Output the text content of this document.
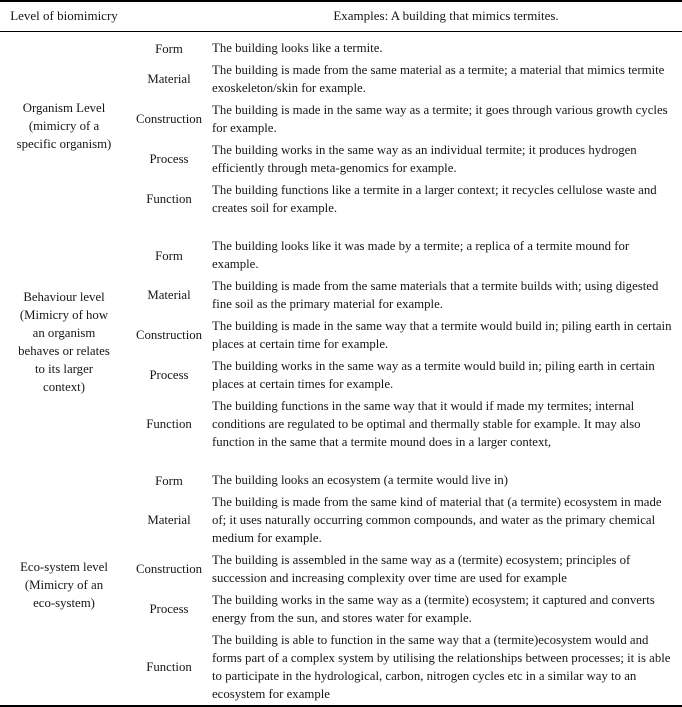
Level of biomimicry		Examples: A building that mimics termites.

Organism Level
(mimicry of a specific organism)	Form	The building looks like a termite.
	Material	The building is made from the same material as a termite; a material that mimics termite exoskeleton/skin for example.
	Construction	The building is made in the same way as a termite; it goes through various growth cycles for example.
	Process	The building works in the same way as an individual termite; it produces hydrogen efficiently through meta-genomics for example.
	Function	The building functions like a termite in a larger context; it recycles cellulose waste and creates soil for example.

Behaviour level
(Mimicry of how an organism behaves or relates to its larger context)	Form	The building looks like it was made by a termite; a replica of a termite mound for example.
	Material	The building is made from the same materials that a termite builds with; using digested fine soil as the primary material for example.
	Construction	The building is made in the same way that a termite would build in; piling earth in certain places at certain time for example.
	Process	The building works in the same way as a termite would build in; piling earth in certain places at certain times for example.
	Function	The building functions in the same way that it would if made my termites; internal conditions are regulated to be optimal and thermally stable for example. It may also function in the same that a termite mound does in a larger context,

Eco-system level
(Mimicry of an eco-system)	Form	The building looks an ecosystem (a termite would live in)
	Material	The building is made from the same kind of material that (a termite) ecosystem in made of; it uses naturally occurring common compounds, and water as the primary chemical medium for example.
	Construction	The building is assembled in the same way as a (termite) ecosystem; principles of succession and increasing complexity over time are used for example
	Process	The building works in the same way as a (termite) ecosystem; it captured and converts energy from the sun, and stores water for example.
	Function	The building is able to function in the same way that a (termite)ecosystem would and forms part of a complex system by utilising the relationships between processes; it is able to participate in the hydrological, carbon, nitrogen cycles etc in a similar way to an ecosystem for example
